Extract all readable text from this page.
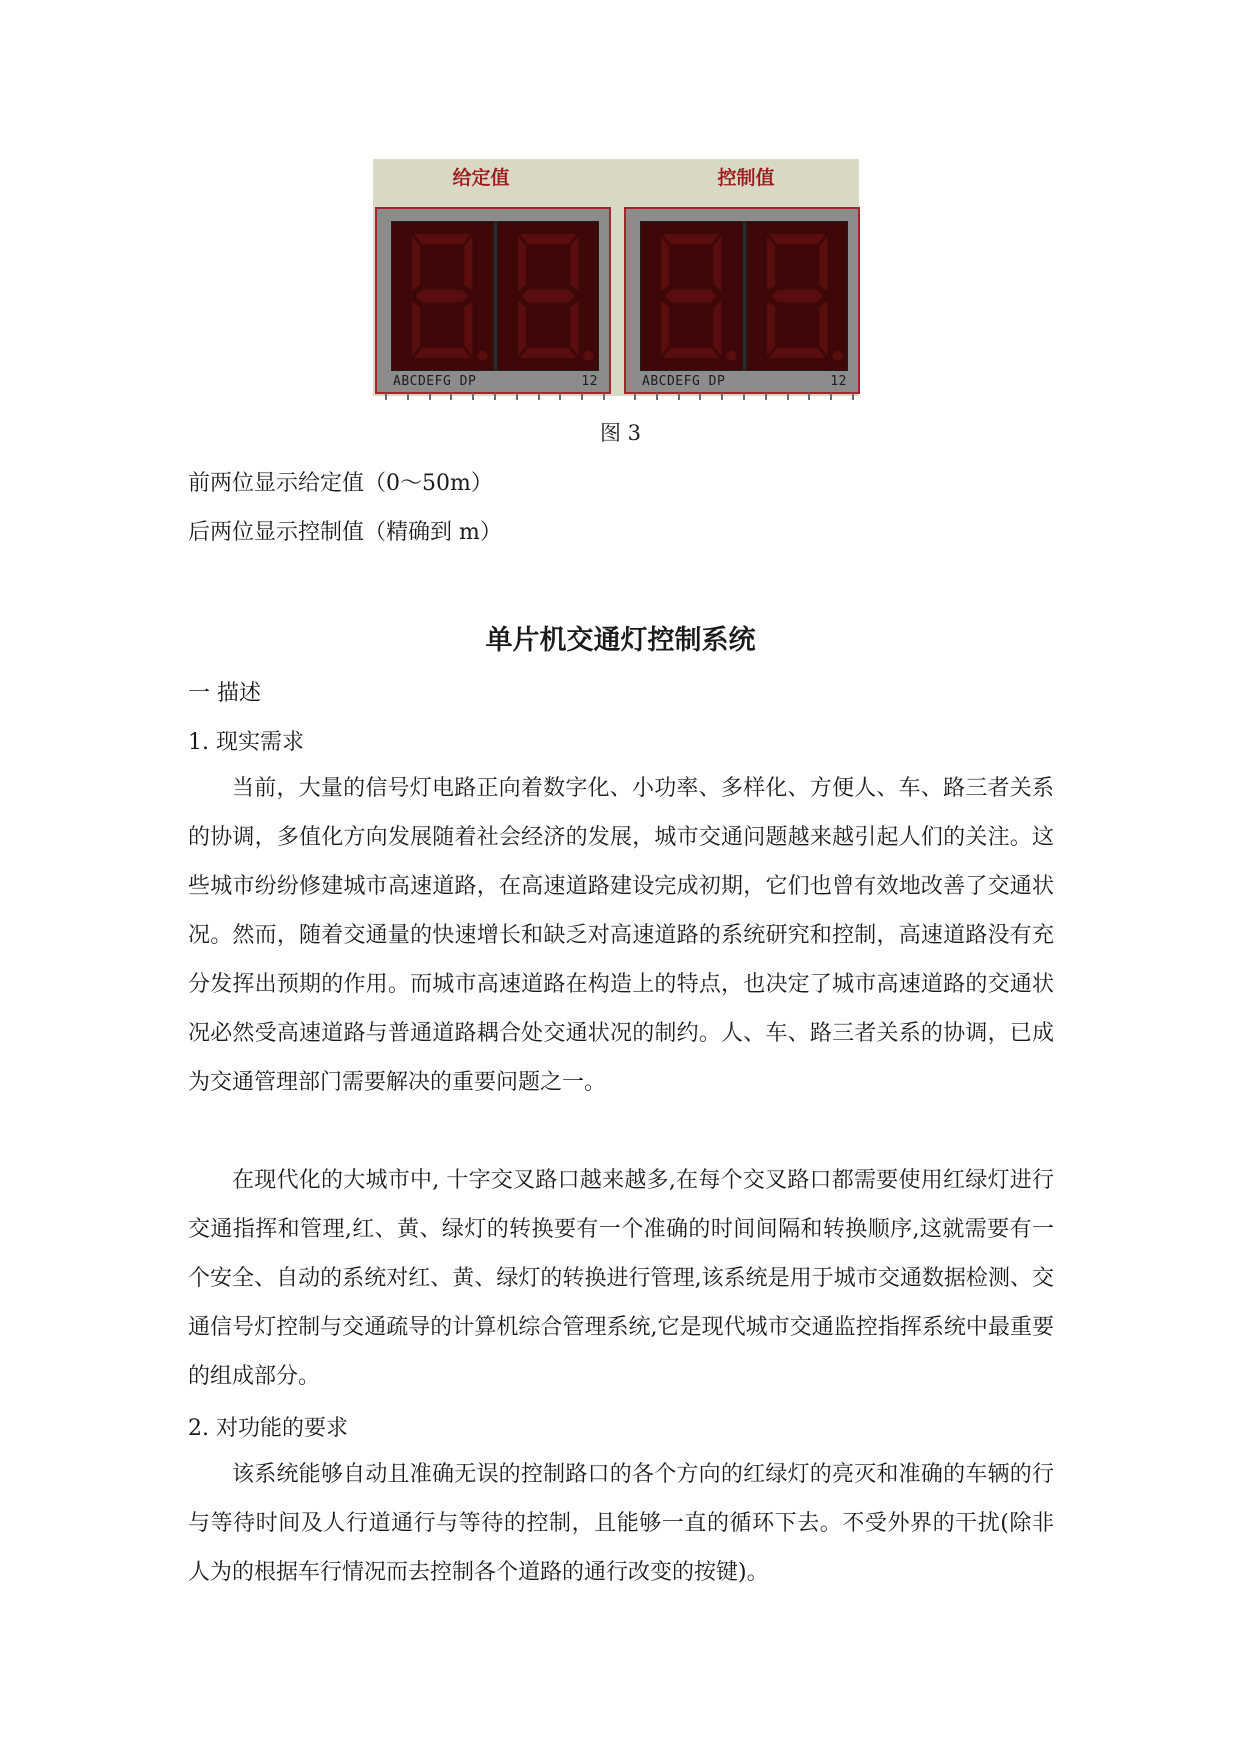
给定值	控制值
ABCDEFG DP	12	ABCDEFG DP	12
图 3
前两位显示给定值（0～50m）
后两位显示控制值（精确到 m）
单片机交通灯控制系统
一 描述
1. 现实需求
当前，大量的信号灯电路正向着数字化、小功率、多样化、方便人、车、路三者关系的协调，多值化方向发展随着社会经济的发展，城市交通问题越来越引起人们的关注。这些城市纷纷修建城市高速道路，在高速道路建设完成初期，它们也曾有效地改善了交通状况。然而，随着交通量的快速增长和缺乏对高速道路的系统研究和控制，高速道路没有充分发挥出预期的作用。而城市高速道路在构造上的特点，也决定了城市高速道路的交通状况必然受高速道路与普通道路耦合处交通状况的制约。人、车、路三者关系的协调，已成为交通管理部门需要解决的重要问题之一。
在现代化的大城市中, 十字交叉路口越来越多,在每个交叉路口都需要使用红绿灯进行交通指挥和管理,红、黄、绿灯的转换要有一个准确的时间间隔和转换顺序,这就需要有一个安全、自动的系统对红、黄、绿灯的转换进行管理,该系统是用于城市交通数据检测、交通信号灯控制与交通疏导的计算机综合管理系统,它是现代城市交通监控指挥系统中最重要的组成部分。
2. 对功能的要求
该系统能够自动且准确无误的控制路口的各个方向的红绿灯的亮灭和准确的车辆的行与等待时间及人行道通行与等待的控制，且能够一直的循环下去。不受外界的干扰(除非人为的根据车行情况而去控制各个道路的通行改变的按键)。
